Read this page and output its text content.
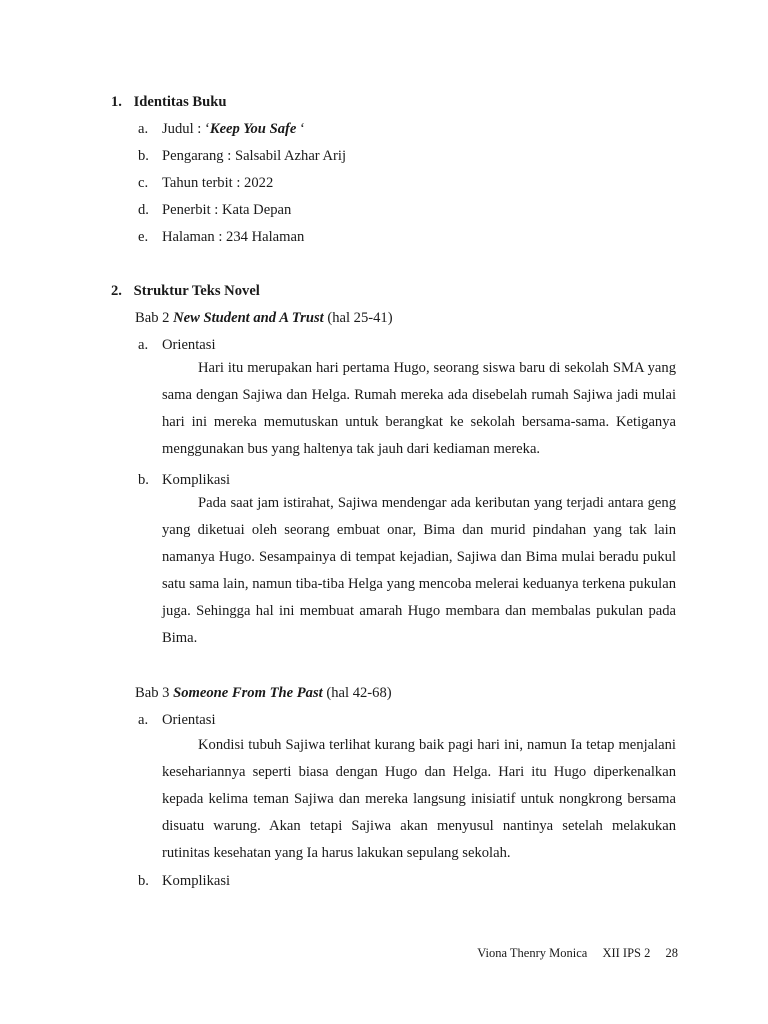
1. Identitas Buku
a. Judul : ‘Keep You Safe ‘
b. Pengarang : Salsabil Azhar Arij
c. Tahun terbit : 2022
d. Penerbit : Kata Depan
e. Halaman : 234 Halaman
2. Struktur Teks Novel
Bab 2 New Student and A Trust (hal 25-41)
a. Orientasi

Hari itu merupakan hari pertama Hugo, seorang siswa baru di sekolah SMA yang sama dengan Sajiwa dan Helga. Rumah mereka ada disebelah rumah Sajiwa jadi mulai hari ini mereka memutuskan untuk berangkat ke sekolah bersama-sama. Ketiganya menggunakan bus yang haltenya tak jauh dari kediaman mereka.

b. Komplikasi

Pada saat jam istirahat, Sajiwa mendengar ada keributan yang terjadi antara geng yang diketuai oleh seorang embuat onar, Bima dan murid pindahan yang tak lain namanya Hugo. Sesampainya di tempat kejadian, Sajiwa dan Bima mulai beradu pukul satu sama lain, namun tiba-tiba Helga yang mencoba melerai keduanya terkena pukulan juga. Sehingga hal ini membuat amarah Hugo membara dan membalas pukulan pada Bima.

Bab 3 Someone From The Past (hal 42-68)
a. Orientasi

Kondisi tubuh Sajiwa terlihat kurang baik pagi hari ini, namun Ia tetap menjalani kesehariannya seperti biasa dengan Hugo dan Helga. Hari itu Hugo diperkenalkan kepada kelima teman Sajiwa dan mereka langsung inisiatif untuk nongkrong bersama disuatu warung. Akan tetapi Sajiwa akan menyusul nantinya setelah melakukan rutinitas kesehatan yang Ia harus lakukan sepulang sekolah.

b. Komplikasi
Viona Thenry Monica XII IPS 2 28
